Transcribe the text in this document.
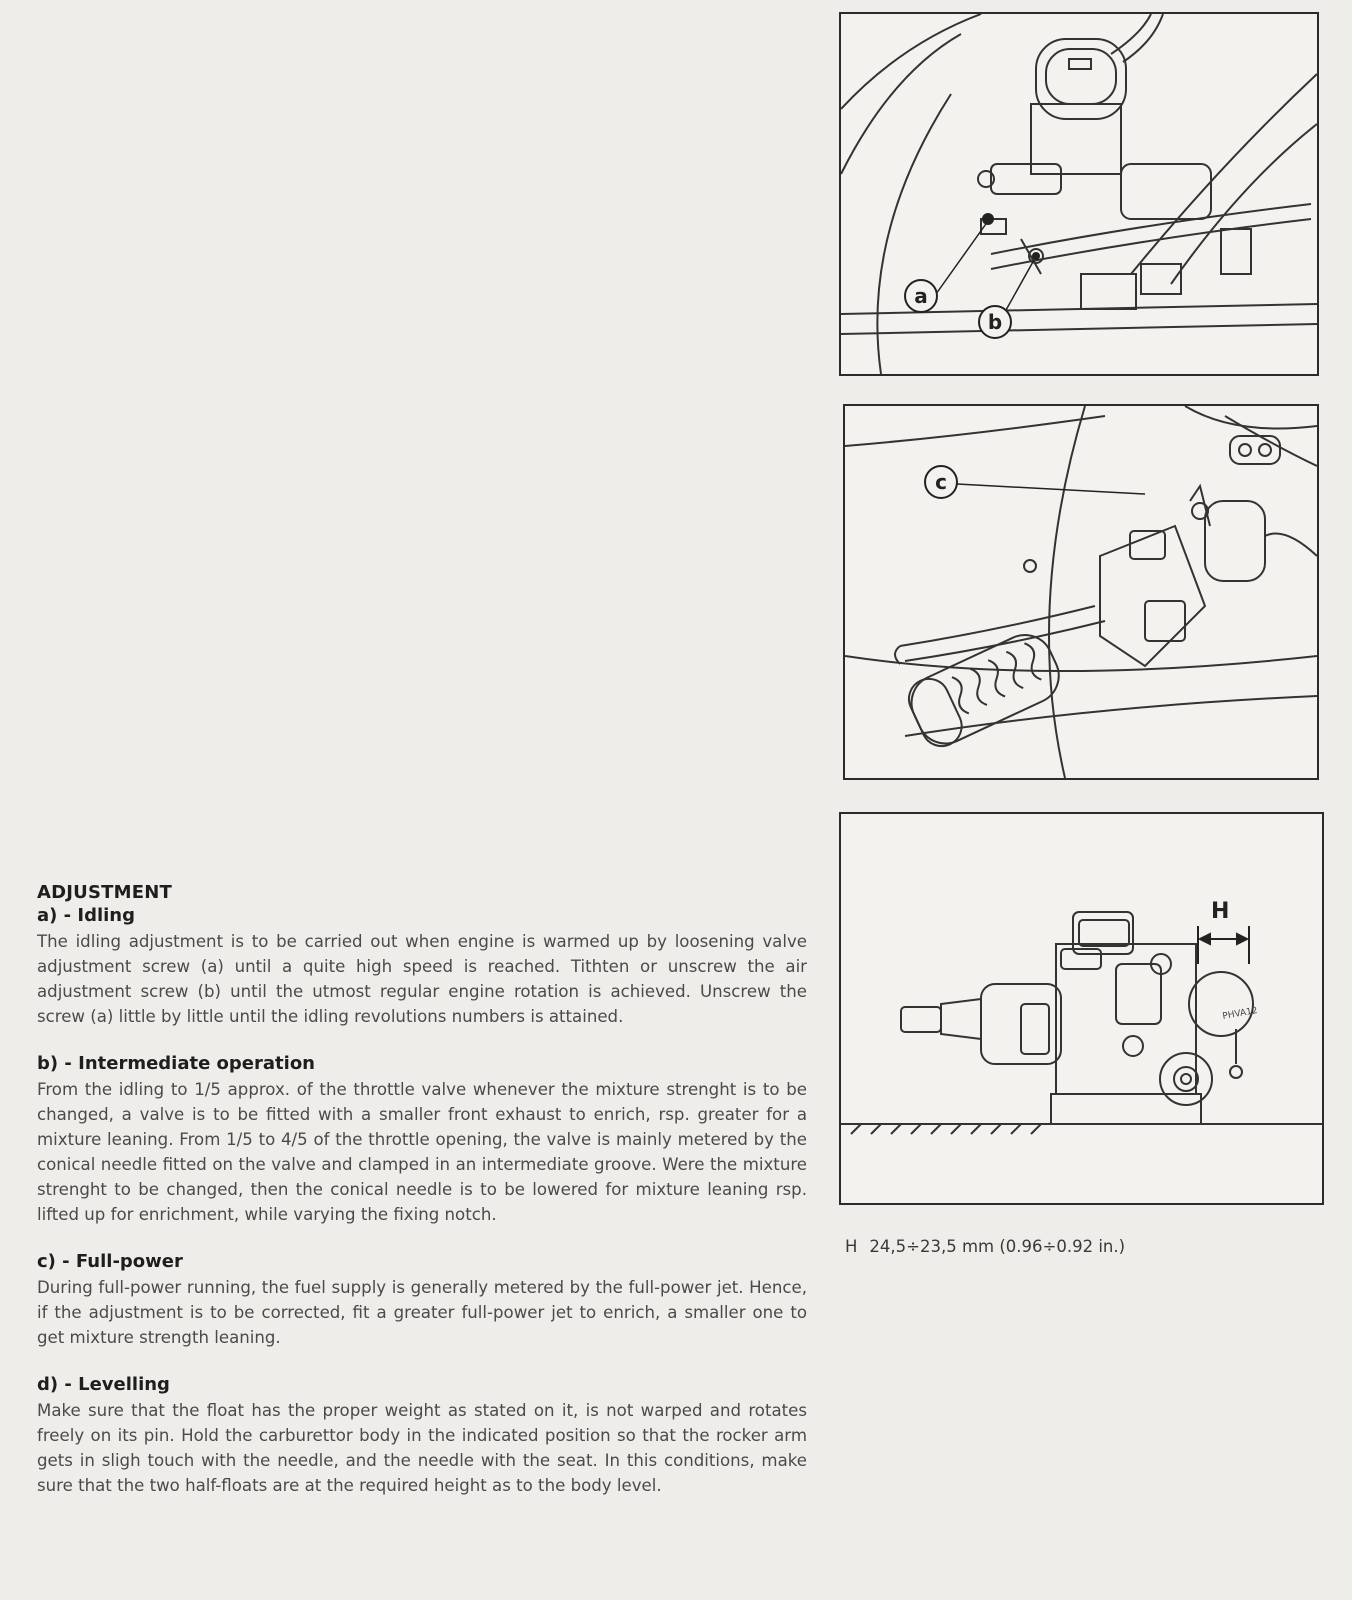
a
b
c
PHVA12
H
H 24,5÷23,5 mm (0.96÷0.92 in.)
ADJUSTMENT
a) - Idling

The idling adjustment is to be carried out when engine is warmed up by loosening valve adjustment screw (a) until a quite high speed is reached. Tithten or unscrew the air adjustment screw (b) until the utmost regular engine rotation is achieved. Unscrew the screw (a) little by little until the idling revolutions numbers is attained.

b) - Intermediate operation

From the idling to 1/5 approx. of the throttle valve whenever the mixture strenght is to be changed, a valve is to be fitted with a smaller front exhaust to enrich, rsp. greater for a mixture leaning. From 1/5 to 4/5 of the throttle opening, the valve is mainly metered by the conical needle fitted on the valve and clamped in an intermediate groove. Were the mixture strenght to be changed, then the conical needle is to be lowered for mixture leaning rsp. lifted up for enrichment, while varying the fixing notch.

c) - Full-power

During full-power running, the fuel supply is generally metered by the full-power jet. Hence, if the adjustment is to be corrected, fit a greater full-power jet to enrich, a smaller one to get mixture strength leaning.

d) - Levelling

Make sure that the float has the proper weight as stated on it, is not warped and rotates freely on its pin. Hold the carburettor body in the indicated position so that the rocker arm gets in sligh touch with the needle, and the needle with the seat. In this conditions, make sure that the two half-floats are at the required height as to the body level.
